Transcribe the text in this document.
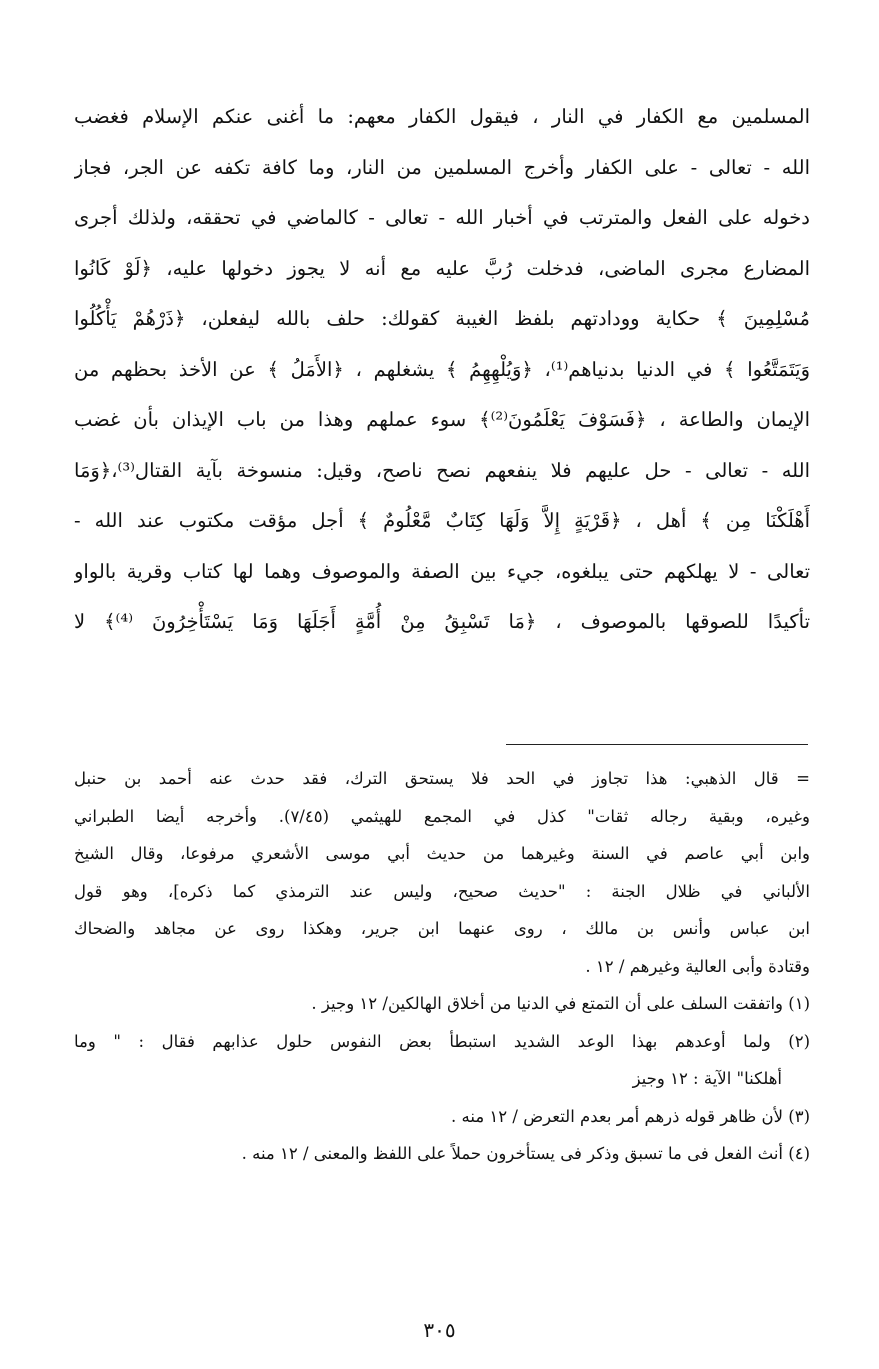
المسلمين مع الكفار في النار ، فيقول الكفار معهم: ما أغنى عنكم الإسلام فغضب
الله - تعالى - على الكفار وأخرج المسلمين من النار، وما كافة تكفه عن الجر، فجاز
دخوله على الفعل والمترتب في أخبار الله - تعالى - كالماضي في تحققه، ولذلك أجرى
المضارع مجرى الماضى، فدخلت رُبَّ عليه مع أنه لا يجوز دخولها عليه، ﴿لَوْ كَانُوا
مُسْلِمِينَ ﴾ حكاية وودادتهم بلفظ الغيبة كقولك: حلف بالله ليفعلن، ﴿ذَرْهُمْ يَأْكُلُوا
وَيَتَمَتَّعُوا ﴾ في الدنيا بدنياهم⁽¹⁾، ﴿وَيُلْهِهِمُ ﴾ يشغلهم ، ﴿الأَمَلُ ﴾ عن الأخذ بحظهم من
الإيمان والطاعة ، ﴿فَسَوْفَ يَعْلَمُونَ⁽²⁾﴾ سوء عملهم وهذا من باب الإيذان بأن غضب
الله - تعالى - حل عليهم فلا ينفعهم نصح ناصح، وقيل: منسوخة بآية القتال⁽³⁾،﴿وَمَا
أَهْلَكْنَا مِن ﴾ أهل ، ﴿قَرْيَةٍ إِلاَّ وَلَهَا كِتَابٌ مَّعْلُومٌ ﴾ أجل مؤقت مكتوب عند الله -
تعالى - لا يهلكهم حتى يبلغوه، جيء بين الصفة والموصوف وهما لها كتاب وقرية بالواو
تأكيدًا للصوقها بالموصوف ، ﴿مَا تَسْبِقُ مِنْ أُمَّةٍ أَجَلَهَا وَمَا يَسْتَأْخِرُونَ ⁽⁴⁾﴾ لا
= قال الذهبي: هذا تجاوز في الحد فلا يستحق الترك، فقد حدث عنه أحمد بن حنبل
وغيره، وبقية رجاله ثقات" كذل في المجمع للهيثمي (٧/٤٥). وأخرجه أيضا الطبراني
وابن أبي عاصم في السنة وغيرهما من حديث أبي موسى الأشعري مرفوعا، وقال الشيخ
الألباني في ظلال الجنة : "حديث صحيح، وليس عند الترمذي كما ذكره]، وهو قول
ابن عباس وأنس بن مالك ، روى عنهما ابن جرير، وهكذا روى عن مجاهد والضحاك
وقتادة وأبى العالية وغيرهم / ١٢ .
(١) واتفقت السلف على أن التمتع في الدنيا من أخلاق الهالكين/ ١٢ وجيز .
(٢) ولما أوعدهم بهذا الوعد الشديد استبطأ بعض النفوس حلول عذابهم فقال : " وما
أهلكنا" الآية : ١٢ وجيز
(٣) لأن ظاهر قوله ذرهم أمر بعدم التعرض / ١٢ منه .
(٤) أنث الفعل فى ما تسبق وذكر فى يستأخرون حملاً على اللفظ والمعنى / ١٢ منه .
٣٠٥
